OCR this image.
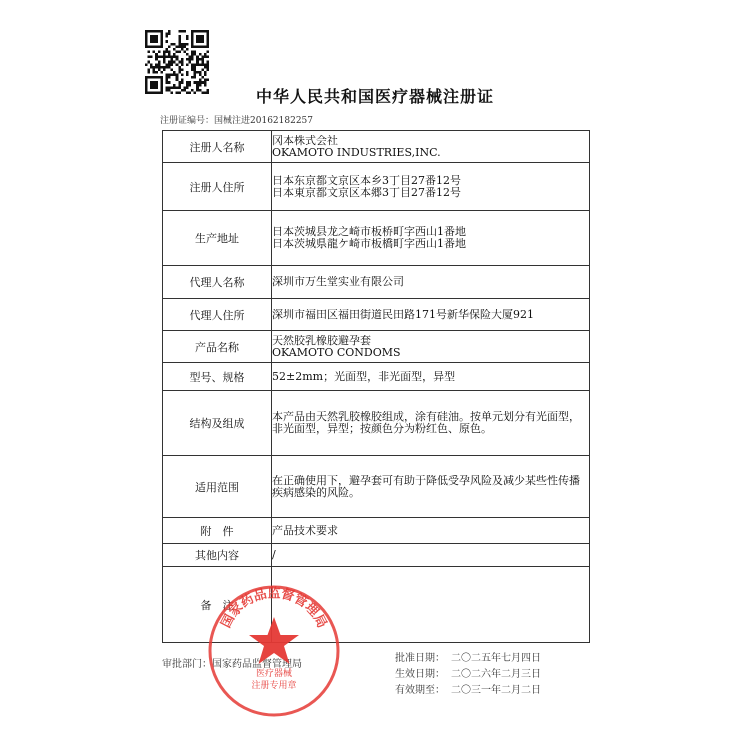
中华人民共和国医疗器械注册证
注册证编号：国械注进20162182257
注册人名称	冈本株式会社
OKAMOTO INDUSTRIES,INC.

注册人住所	日本东京都文京区本乡3丁目27番12号
日本東京都文京区本郷3丁目27番12号

生产地址	日本茨城县龙之崎市板桥町字西山1番地
日本茨城県龍ケ崎市板橋町字西山1番地

代理人名称	深圳市万生堂实业有限公司

代理人住所	深圳市福田区福田街道民田路171号新华保险大厦921

产品名称	天然胶乳橡胶避孕套
OKAMOTO CONDOMS

型号、规格	52±2mm；光面型，非光面型，异型

结构及组成	本产品由天然乳胶橡胶组成，涂有硅油。按单元划分有光面型，非光面型，异型；按颜色分为粉红色、原色。

适用范围	在正确使用下，避孕套可有助于降低受孕风险及减少某些性传播疾病感染的风险。

附　件	产品技术要求

其他内容	/

备　注	
审批部门：国家药品监督管理局
批准日期： 二〇二五年七月四日
生效日期： 二〇二六年二月三日
有效期至： 二〇三一年二月二日
国家药品监督管理局
医疗器械
注册专用章
